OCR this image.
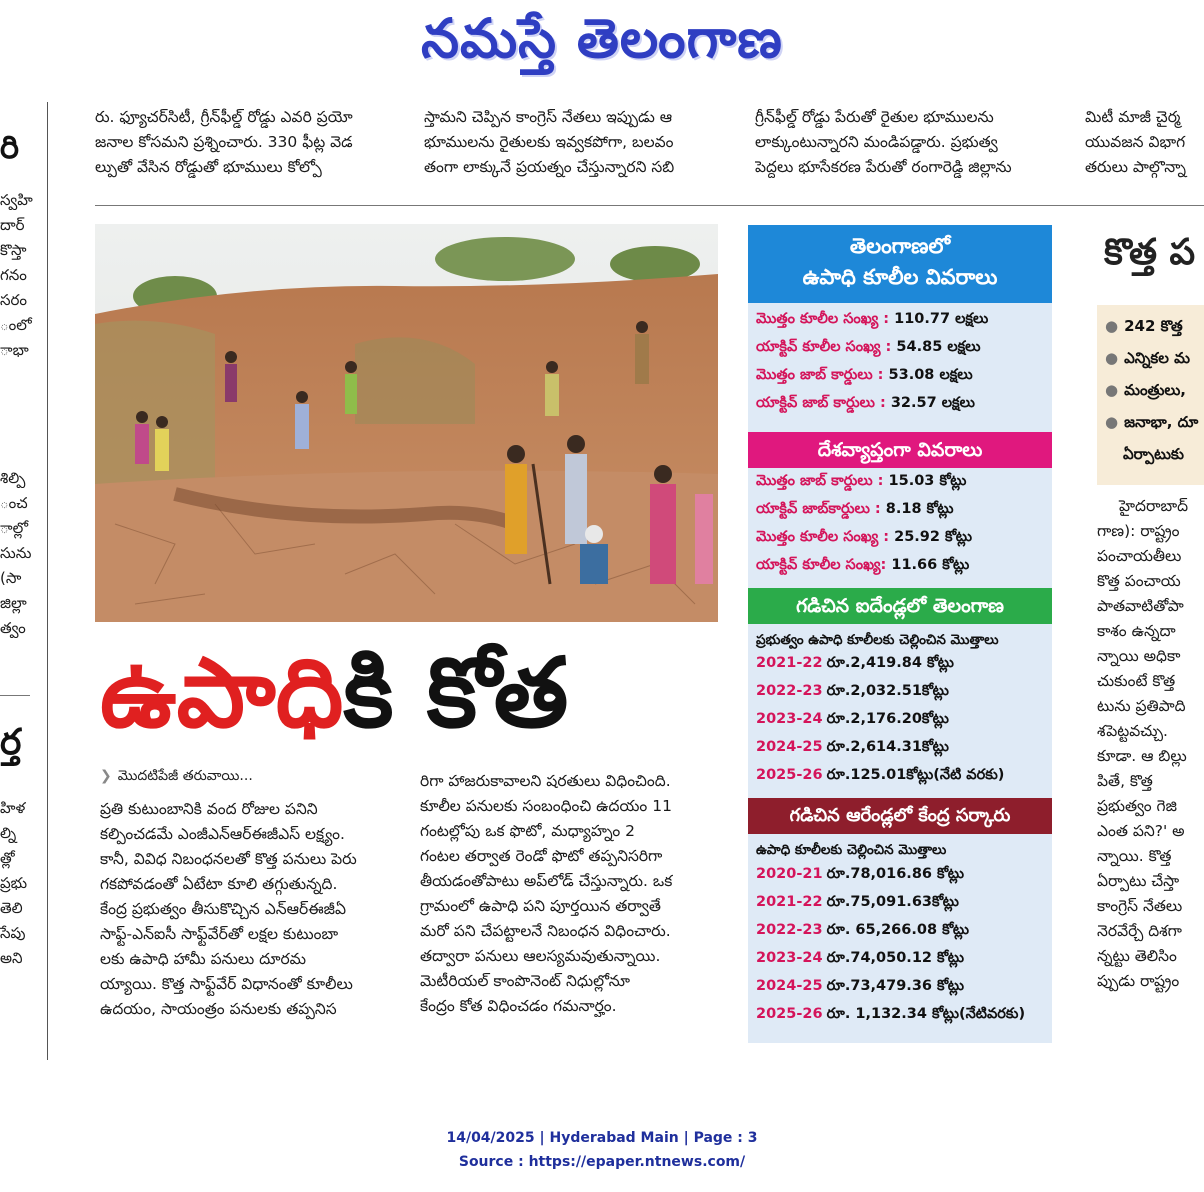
నమస్తే తెలంగాణ

రు. ఫ్యూచర్‌సిటీ, గ్రీన్‌ఫీల్డ్ రోడ్డు ఎవరి ప్రయో

జనాల కోసమని ప్రశ్నించారు. 330 ఫీట్ల వెడ

ల్పుతో వేసిన రోడ్డుతో భూములు కోల్పో

స్తామని చెప్పిన కాంగ్రెస్ నేతలు ఇప్పుడు ఆ

భూములను రైతులకు ఇవ్వకపోగా, బలవం

తంగా లాక్కునే ప్రయత్నం చేస్తున్నారని సబి

గ్రీన్‌ఫీల్డ్ రోడ్డు పేరుతో రైతుల భూములను

లాక్కుంటున్నారని మండిపడ్డారు. ప్రభుత్వ

పెద్దలు భూసేకరణ పేరుతో రంగారెడ్డి జిల్లాను

మిటీ మాజీ చైర్మ

యువజన విభాగ

తరులు పాల్గొన్నా

రి

స్వహి

దార్

కొస్తా

గనం

సరం

ంలో

ాభా

శిల్పి

ంచ

ాల్లో

సును

(సా

జిల్లా

త్వం

ర్త

హిళ

ల్ని

త్లో

ప్రభు

తెలి

సేపు

అని

ఉపాధికి కోత
❯ మొదటిపేజీ తరువాయి...

ప్రతి కుటుంబానికి వంద రోజుల పనిని

కల్పించడమే ఎంజీఎన్ఆర్ఈజీఎస్ లక్ష్యం.

కానీ, వివిధ నిబంధనలతో కొత్త పనులు పెరు

గకపోవడంతో ఏటేటా కూలి తగ్గుతున్నది.

కేంద్ర ప్రభుత్వం తీసుకొచ్చిన ఎన్ఆర్ఈజీఏ

సాఫ్ట్-ఎన్ఐసీ సాఫ్ట్‌వేర్‌తో లక్షల కుటుంబా

లకు ఉపాధి హామీ పనులు దూరమ

య్యాయి. కొత్త సాఫ్ట్‌వేర్ విధానంతో కూలీలు

ఉదయం, సాయంత్రం పనులకు తప్పనిస

రిగా హాజరుకావాలని షరతులు విధించింది.

కూలీల పనులకు సంబంధించి ఉదయం 11

గంటల్లోపు ఒక ఫొటో, మధ్యాహ్నం 2

గంటల తర్వాత రెండో ఫొటో తప్పనిసరిగా

తీయడంతోపాటు అప్‌లోడ్ చేస్తున్నారు. ఒక

గ్రామంలో ఉపాధి పని పూర్తయిన తర్వాతే

మరో పని చేపట్టాలనే నిబంధన విధించారు.

తద్వారా పనులు ఆలస్యమవుతున్నాయి.

మెటీరియల్ కాంపొనెంట్ నిధుల్లోనూ

కేంద్రం కోత విధించడం గమనార్హం.

తెలంగాణలో
ఉపాధి కూలీల వివరాలు
మొత్తం కూలీల సంఖ్య : 110.77 లక్షలు
యాక్టివ్ కూలీల సంఖ్య : 54.85 లక్షలు
మొత్తం జాబ్ కార్డులు : 53.08 లక్షలు
యాక్టివ్ జాబ్ కార్డులు : 32.57 లక్షలు
దేశవ్యాప్తంగా వివరాలు
మొత్తం జాబ్ కార్డులు : 15.03 కోట్లు
యాక్టివ్ జాబ్‌కార్డులు : 8.18 కోట్లు
మొత్తం కూలీల సంఖ్య : 25.92 కోట్లు
యాక్టివ్ కూలీల సంఖ్య: 11.66 కోట్లు
గడిచిన ఐదేండ్లలో తెలంగాణ
ప్రభుత్వం ఉపాధి కూలీలకు చెల్లించిన మొత్తాలు
2021-22 రూ.2,419.84 కోట్లు
2022-23 రూ.2,032.51కోట్లు
2023-24 రూ.2,176.20కోట్లు
2024-25 రూ.2,614.31కోట్లు
2025-26 రూ.125.01కోట్లు(నేటి వరకు)
గడిచిన ఆరేండ్లలో కేంద్ర సర్కారు
ఉపాధి కూలీలకు చెల్లించిన మొత్తాలు
2020-21 రూ.78,016.86 కోట్లు
2021-22 రూ.75,091.63కోట్లు
2022-23 రూ. 65,266.08 కోట్లు
2023-24 రూ.74,050.12 కోట్లు
2024-25 రూ.73,479.36 కోట్లు
2025-26 రూ. 1,132.34 కోట్లు(నేటివరకు)
కొత్త ప
● 242 కొత్త
● ఎన్నికల మ
● మంత్రులు,
● జనాభా, దూ
ఏర్పాటుకు

హైదరాబాద్

గాణ): రాష్ట్రం

పంచాయతీలు

కొత్త పంచాయ

పాతవాటితోపా

కాశం ఉన్నదా

న్నాయి అధికా

చుకుంటే కొత్త

టును ప్రతిపాది

శపెట్టవచ్చు.

కూడా. ఆ బిల్లు

పితే, కొత్త

ప్రభుత్వం గెజి

ఎంత పని?' అ

న్నాయి. కొత్త

ఏర్పాటు చేస్తా

కాంగ్రెస్ నేతలు

నెరవేర్చే దిశగా

న్నట్టు తెలిసిం

ప్పుడు రాష్ట్రం

14/04/2025 | Hyderabad Main | Page : 3
Source : https://epaper.ntnews.com/
